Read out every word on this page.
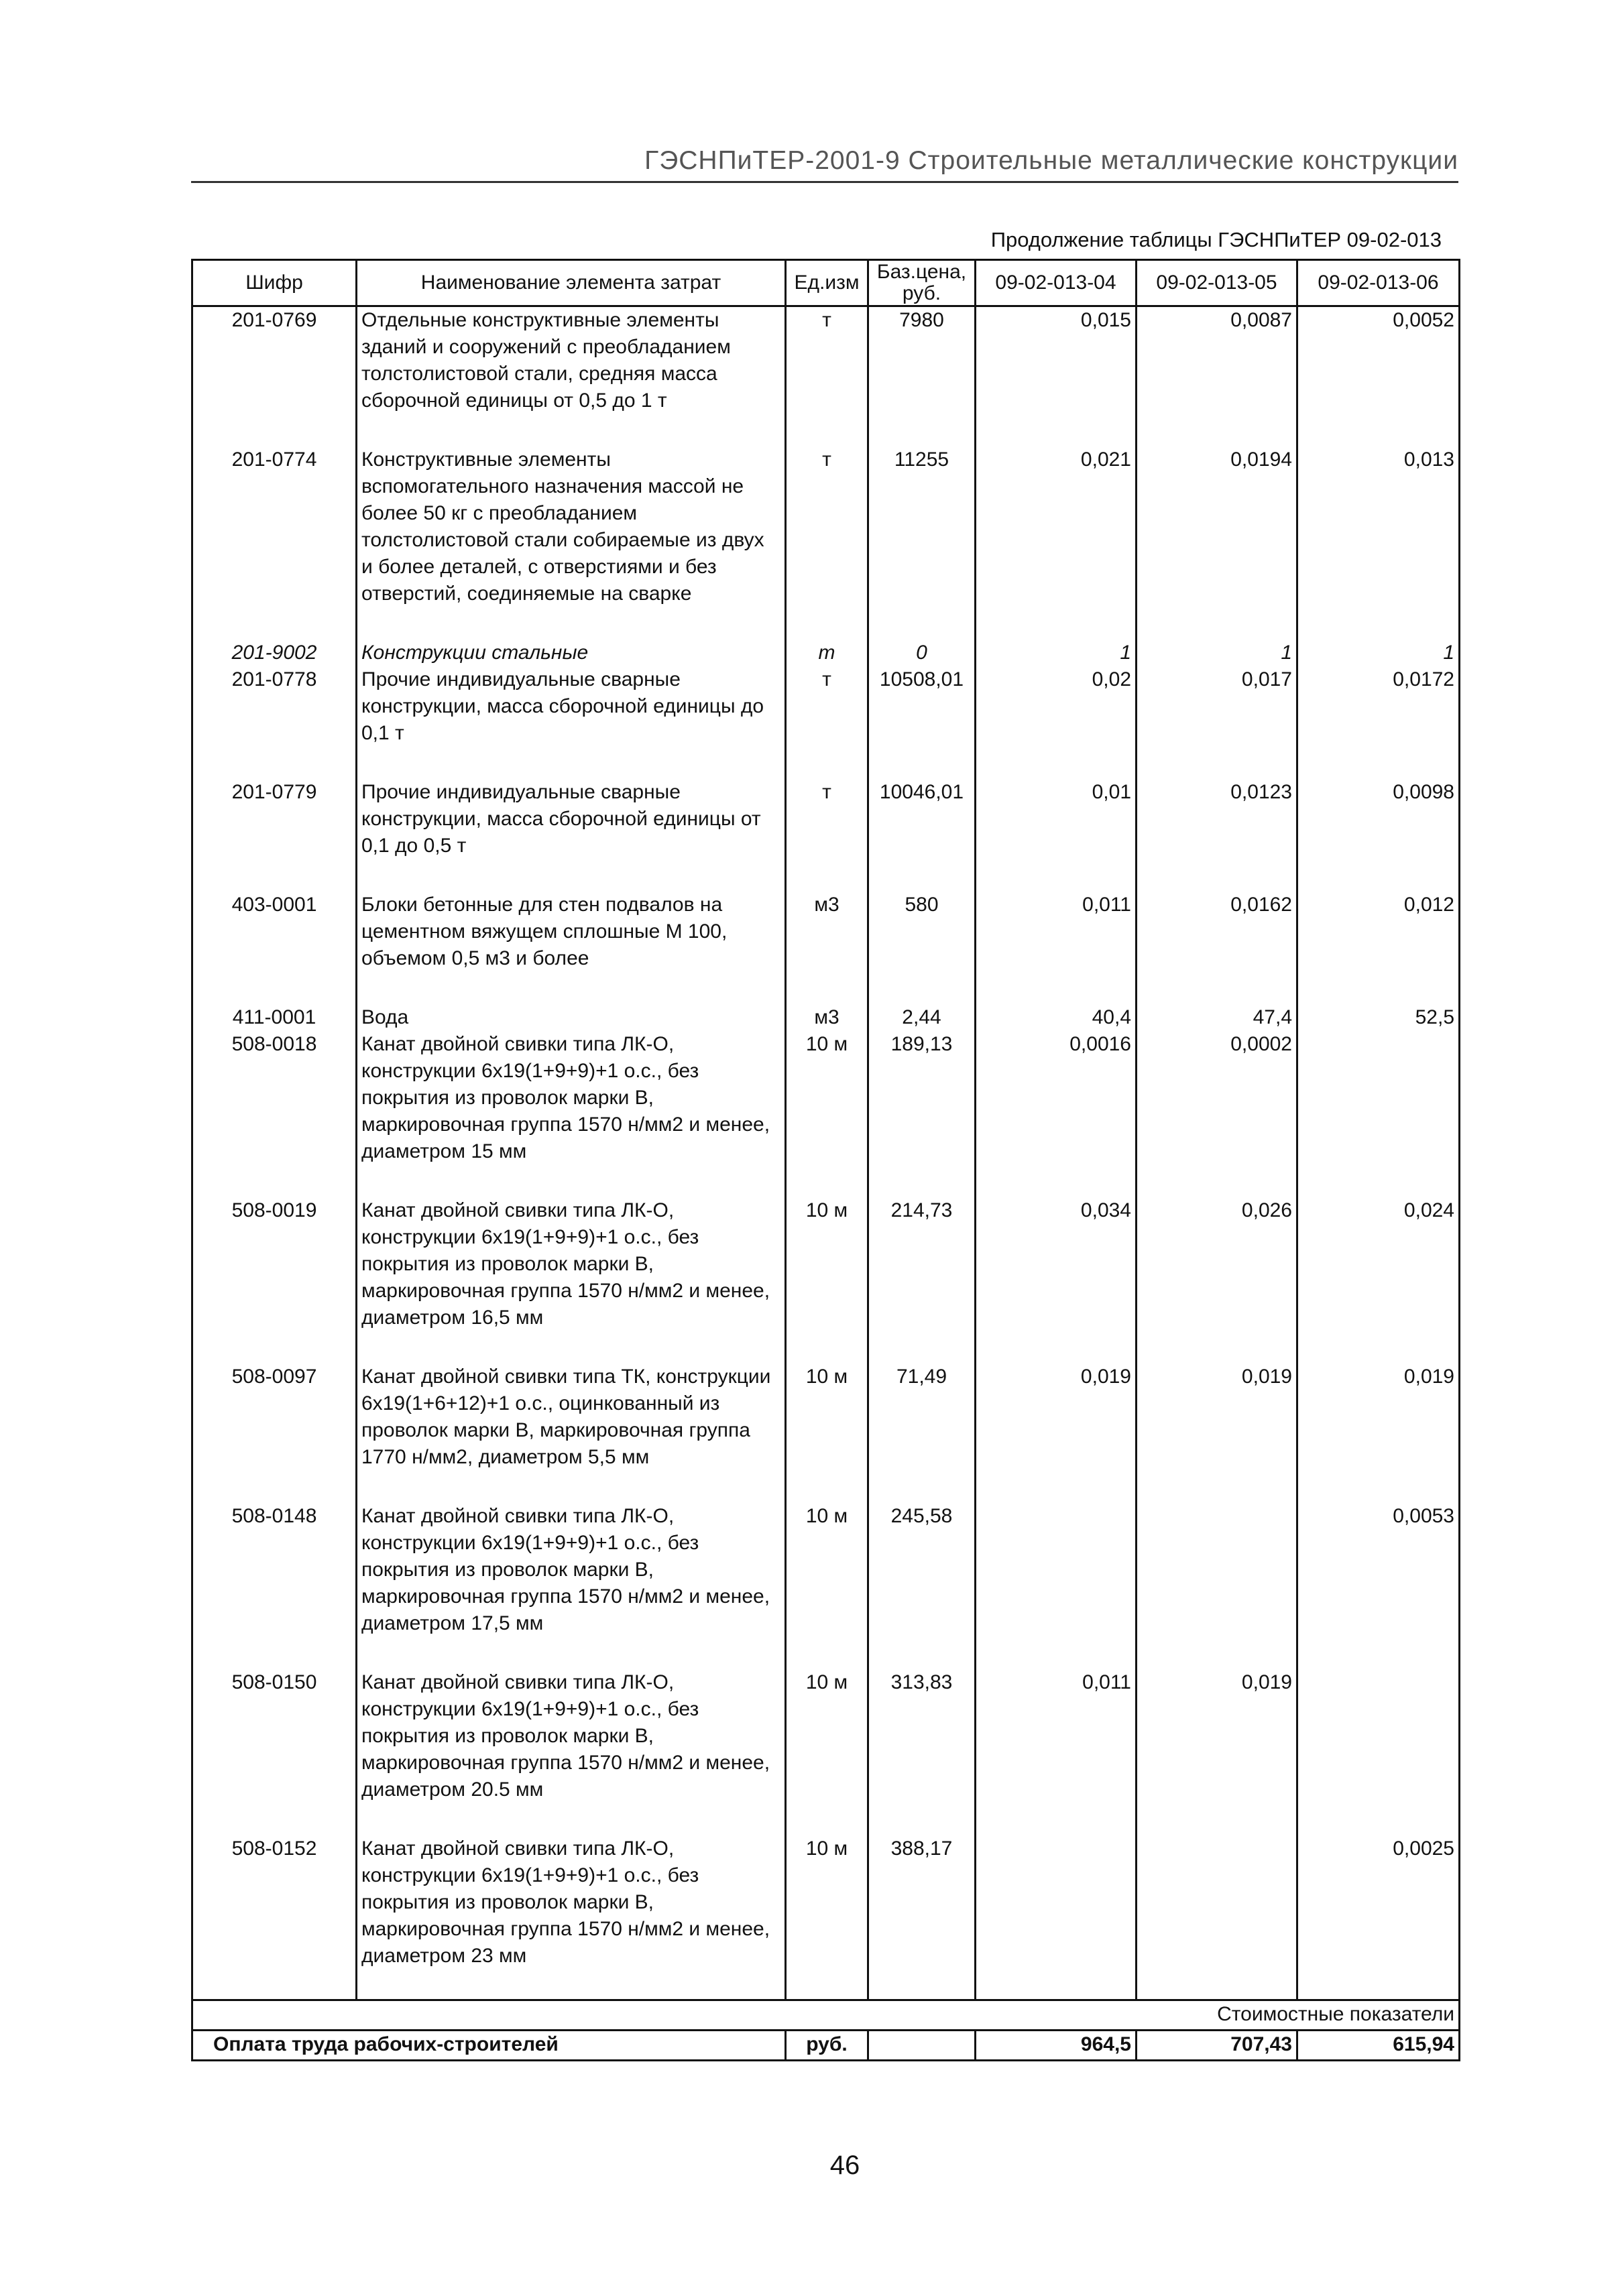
ГЭСНПиТЕР-2001-9 Строительные металлические конструкции
Продолжение таблицы ГЭСНПиТЕР 09-02-013
Шифр	Наименование элемента затрат	Ед.изм	Баз.цена, руб.	09-02-013-04	09-02-013-05	09-02-013-06
201-0769	Отдельные конструктивные элементы зданий и сооружений с преобладанием толстолистовой стали, средняя масса сборочной единицы от 0,5 до 1 т	т	7980	0,015	0,0087	0,0052

201-0774	Конструктивные элементы вспомогательного назначения массой не более 50 кг с преобладанием толстолистовой стали собираемые из двух и более деталей, с отверстиями и без отверстий, соединяемые на сварке	т	11255	0,021	0,0194	0,013

201-9002	Конструкции стальные	т	0	1	1	1
201-0778	Прочие индивидуальные сварные конструкции, масса сборочной единицы до 0,1 т	т	10508,01	0,02	0,017	0,0172

201-0779	Прочие индивидуальные сварные конструкции, масса сборочной единицы от 0,1 до 0,5 т	т	10046,01	0,01	0,0123	0,0098

403-0001	Блоки бетонные для стен подвалов на цементном вяжущем сплошные М 100, объемом 0,5 м3 и более	м3	580	0,011	0,0162	0,012

411-0001	Вода	м3	2,44	40,4	47,4	52,5
508-0018	Канат двойной свивки типа ЛК-О, конструкции 6х19(1+9+9)+1 о.с., без покрытия из проволок марки В, маркировочная группа 1570 н/мм2 и менее, диаметром 15 мм	10 м	189,13	0,0016	0,0002	

508-0019	Канат двойной свивки типа ЛК-О, конструкции 6х19(1+9+9)+1 о.с., без покрытия из проволок марки В, маркировочная группа 1570 н/мм2 и менее, диаметром 16,5 мм	10 м	214,73	0,034	0,026	0,024

508-0097	Канат двойной свивки типа ТК, конструкции 6х19(1+6+12)+1 о.с., оцинкованный из проволок марки В, маркировочная группа 1770 н/мм2, диаметром 5,5 мм	10 м	71,49	0,019	0,019	0,019

508-0148	Канат двойной свивки типа ЛК-О, конструкции 6х19(1+9+9)+1 о.с., без покрытия из проволок марки В, маркировочная группа 1570 н/мм2 и менее, диаметром 17,5 мм	10 м	245,58			0,0053

508-0150	Канат двойной свивки типа ЛК-О, конструкции 6х19(1+9+9)+1 о.с., без покрытия из проволок марки В, маркировочная группа 1570 н/мм2 и менее, диаметром 20.5 мм	10 м	313,83	0,011	0,019	

508-0152	Канат двойной свивки типа ЛК-О, конструкции 6х19(1+9+9)+1 о.с., без покрытия из проволок марки В, маркировочная группа 1570 н/мм2 и менее, диаметром 23 мм	10 м	388,17			0,0025

Стоимостные показатели						
Оплата труда рабочих-строителей		руб.		964,5	707,43	615,94
46
